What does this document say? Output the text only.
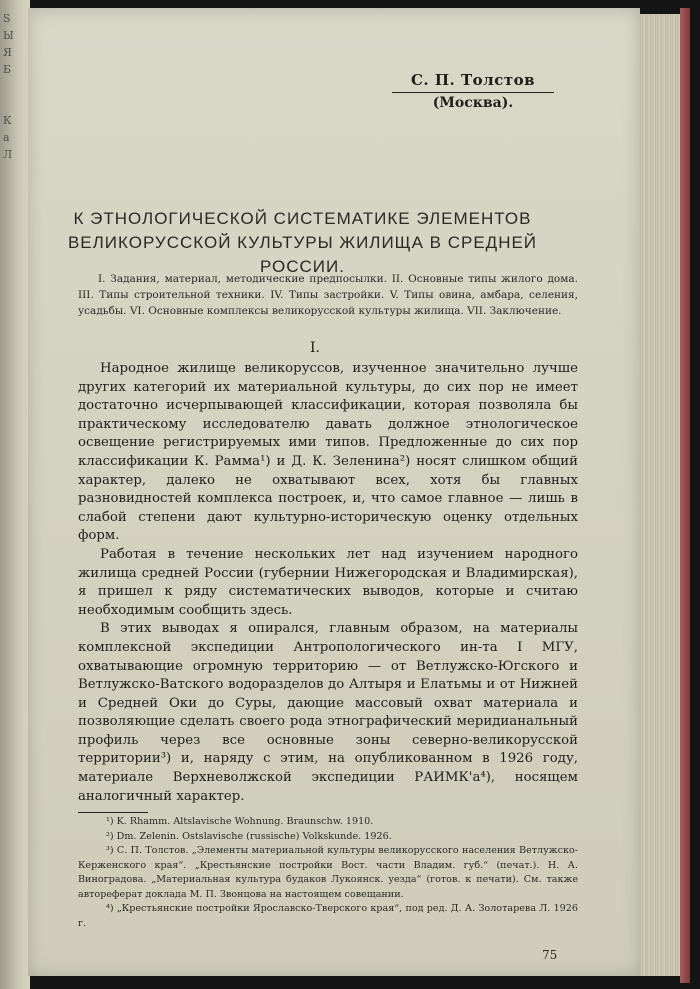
S
Ы
Я
Б

К
а
Л
С. П. Толстов
(Москва).
К ЭТНОЛОГИЧЕСКОЙ СИСТЕМАТИКЕ ЭЛЕМЕНТОВ ВЕЛИКОРУССКОЙ КУЛЬТУРЫ ЖИЛИЩА В СРЕДНЕЙ РОССИИ.
I. Задания, материал, методические предпосылки. II. Основные типы жилого дома. III. Типы строительной техники. IV. Типы застройки. V. Типы овина, амбара, селения, усадьбы. VI. Основные комплексы великорусской культуры жилища. VII. Заключение.
I.

Народное жилище великоруссов, изученное значительно лучше других категорий их материальной культуры, до сих пор не имеет достаточно исчерпывающей классификации, которая позволяла бы практическому исследователю давать должное этнологическое освещение регистрируемых ими типов. Предложенные до сих пор классификации К. Рамма¹) и Д. К. Зеленина²) носят слишком общий характер, далеко не охватывают всех, хотя бы главных разновидностей комплекса построек, и, что самое главное — лишь в слабой степени дают культурно-историческую оценку отдельных форм.

Работая в течение нескольких лет над изучением народного жилища средней России (губернии Нижегородская и Владимирская), я пришел к ряду систематических выводов, которые и считаю необходимым сообщить здесь.

В этих выводах я опирался, главным образом, на материалы комплексной экспедиции Антропологического ин-та I МГУ, охватывающие огромную территорию — от Ветлужско-Югского и Ветлужско-Ватского водоразделов до Алтыря и Елатьмы и от Нижней и Средней Оки до Суры, дающие массовый охват материала и позволяющие сделать своего рода этнографический меридианальный профиль через все основные зоны северно-великорусской территории³) и, наряду с этим, на опубликованном в 1926 году, материале Верхневолжской экспедиции РАИМК'а⁴), носящем аналогичный характер.

¹) K. Rhamm. Altslavische Wohnung. Braunschw. 1910.

²) Dm. Zelenin. Ostslavische (russische) Volkskunde. 1926.

³) С. П. Толстов. „Элементы материальной культуры великорусского населения Ветлужско-Керженского края“. „Крестьянские постройки Вост. части Владим. губ.“ (печат.). Н. А. Виноградова. „Материальная культура будаков Лукоянск. уезда“ (готов. к печати). См. также автореферат доклада М. П. Звонцова на настоящем совещании.

⁴) „Крестьянские постройки Ярославско-Тверского края“, под ред. Д. А. Золотарева Л. 1926 г.

75
